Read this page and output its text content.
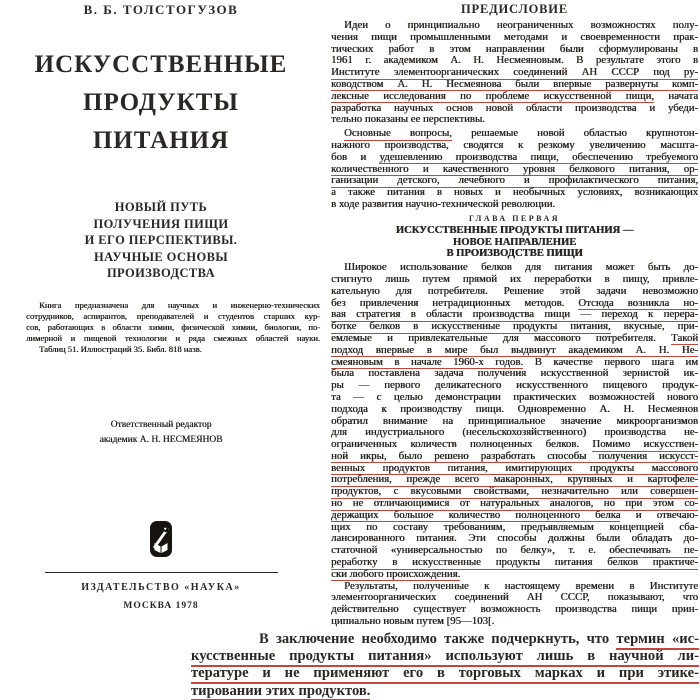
В. Б. ТОЛСТОГУЗОВ
ИСКУССТВЕННЫЕ
ПРОДУКТЫ
ПИТАНИЯ
НОВЫЙ ПУТЬ
ПОЛУЧЕНИЯ ПИЩИ
И ЕГО ПЕРСПЕКТИВЫ.
НАУЧНЫЕ ОСНОВЫ
ПРОИЗВОДСТВА
Книга предназначена для научных и инженерно-технических
сотрудников, аспирантов, преподавателей и студентов старших кур-
сов, работающих в области химии, физической химии, биологии, по-
лимерной и пищевой технологии и ряда смежных областей науки.
Таблиц 51. Иллюстраций 35. Библ. 818 назв.
Ответственный редактор
академик А. Н. НЕСМЕЯНОВ
ИЗДАТЕЛЬСТВО «НАУКА»
МОСКВА 1978
ПРЕДИСЛОВИЕ
Идеи о принципиально неограниченных возможностях полу-
чения пищи промышленными методами и своевременности прак-
тических работ в этом направлении были сформулированы в
1961 г. академиком А. Н. Несмеяновым. В результате этого в
Институте элементоорганических соединений АН СССР под ру-
ководством А. Н. Несмеянова были впервые развернуты комп-
лексные исследования по проблеме искусственной пищи, начата
разработка научных основ новой области производства и убеди-
тельно показаны ее перспективы.
Основные вопросы, решаемые новой областью крупнотон-
нажного производства, сводятся к резкому увеличению масшта-
бов и удешевлению производства пищи, обеспечению требуемого
количественного и качественного уровня белкового питания, ор-
ганизации детского, лечебного и профилактического питания,
а также питания в новых и необычных условиях, возникающих
в ходе развития научно-технической революции.
ГЛАВА ПЕРВАЯ
ИСКУССТВЕННЫЕ ПРОДУКТЫ ПИТАНИЯ —
НОВОЕ НАПРАВЛЕНИЕ
В ПРОИЗВОДСТВЕ ПИЩИ
Широкое использование белков для питания может быть до-
стигнуто лишь путем прямой их переработки в пищу, привле-
кательную для потребителя. Решение этой задачи невозможно
без привлечения нетрадиционных методов. Отсюда возникла но-
вая стратегия в области производства пищи — переход к перера-
ботке белков в искусственные продукты питания, вкусные, при-
емлемые и привлекательные для массового потребителя. Такой
подход впервые в мире был выдвинут академиком А. Н. Не-
смеяновым в начале 1960-х годов. В качестве первого шага им
была поставлена задача получения искусственной зернистой ик-
ры — первого деликатесного искусственного пищевого продук-
та — с целью демонстрации практических возможностей нового
подхода к производству пищи. Одновременно А. Н. Несмеянов
обратил внимание на принципиальное значение микроорганизмов
для индустриального (несельскохозяйственного) производства не-
ограниченных количеств полноценных белков. Помимо искусствен-
ной икры, было решено разработать способы получения искусст-
венных продуктов питания, имитирующих продукты массового
потребления, прежде всего макаронных, крупяных и картофеле-
продуктов, с вкусовыми свойствами, незначительно или совершен-
но не отличающимися от натуральных аналогов, но при этом со-
держащих большое количество полноценного белка и отвечаю-
щих по составу требованиям, предъявляемым концепцией сба-
лансированного питания. Эти способы должны были обладать до-
статочной «универсальностью по белку», т. е. обеспечивать пе-
реработку в искусственные продукты питания белков практиче-
ски любого происхождения.
Результаты, полученные к настоящему времени в Институте
элементоорганических соединений АН СССР, показывают, что
действительно существует возможность производства пищи прин-
ципиально новым путем [95—103[.
В заключение необходимо также подчеркнуть, что термин «ис-
кусственные продукты питания» используют лишь в научной ли-
тературе и не применяют его в торговых марках и при этике-
тировании этих продуктов.
